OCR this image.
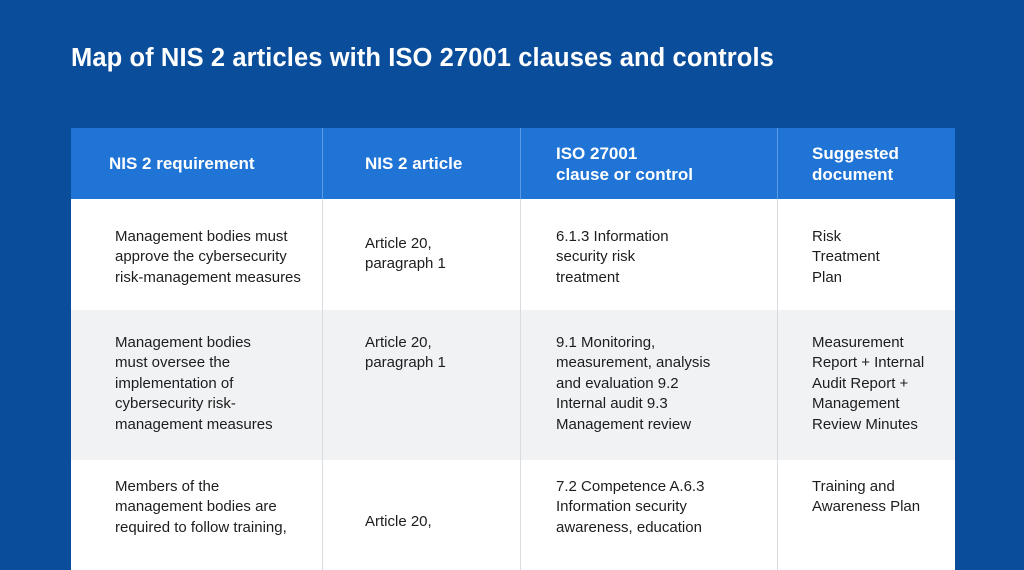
Map of NIS 2 articles with ISO 27001 clauses and controls
NIS 2 requirement	NIS 2 article
ISO 27001
clause or control
Suggested
document
Management bodies must
approve the cybersecurity
risk-management measures
Article 20,
paragraph 1
6.1.3 Information
security risk
treatment
Risk
Treatment
Plan
Management bodies
must oversee the
implementation of
cybersecurity risk-
management measures
Article 20,
paragraph 1
9.1 Monitoring,
measurement, analysis
and evaluation 9.2
Internal audit 9.3
Management review
Measurement
Report + Internal
Audit Report +
Management
Review Minutes
Members of the
management bodies are
required to follow training,	Article 20,
7.2 Competence A.6.3
Information security
awareness, education
Training and
Awareness Plan
